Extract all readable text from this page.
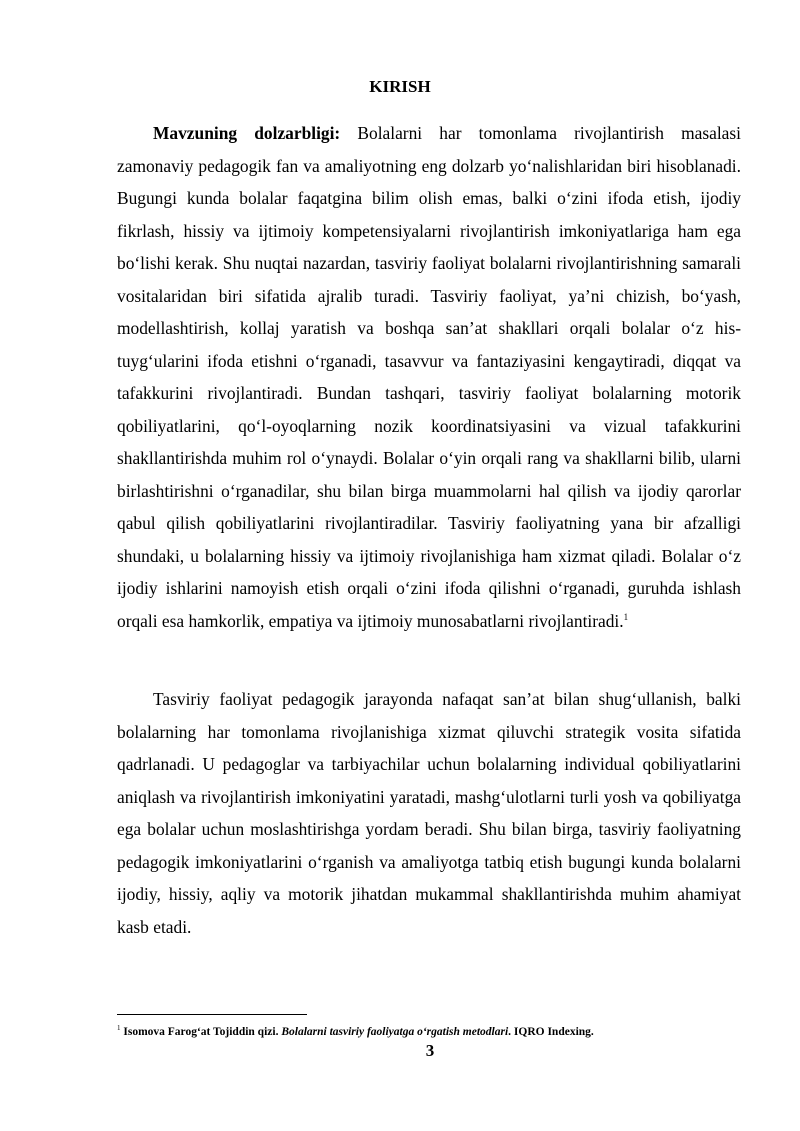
KIRISH

Mavzuning dolzarbligi: Bolalarni har tomonlama rivojlantirish masalasi zamonaviy pedagogik fan va amaliyotning eng dolzarb yo‘nalishlaridan biri hisoblanadi. Bugungi kunda bolalar faqatgina bilim olish emas, balki o‘zini ifoda etish, ijodiy fikrlash, hissiy va ijtimoiy kompetensiyalarni rivojlantirish imkoniyatlariga ham ega bo‘lishi kerak. Shu nuqtai nazardan, tasviriy faoliyat bolalarni rivojlantirishning samarali vositalaridan biri sifatida ajralib turadi. Tasviriy faoliyat, ya’ni chizish, bo‘yash, modellashtirish, kollaj yaratish va boshqa san’at shakllari orqali bolalar o‘z his-tuyg‘ularini ifoda etishni o‘rganadi, tasavvur va fantaziyasini kengaytiradi, diqqat va tafakkurini rivojlantiradi. Bundan tashqari, tasviriy faoliyat bolalarning motorik qobiliyatlarini, qo‘l-oyoqlarning nozik koordinatsiyasini va vizual tafakkurini shakllantirishda muhim rol o‘ynaydi. Bolalar o‘yin orqali rang va shakllarni bilib, ularni birlashtirishni o‘rganadilar, shu bilan birga muammolarni hal qilish va ijodiy qarorlar qabul qilish qobiliyatlarini rivojlantiradilar. Tasviriy faoliyatning yana bir afzalligi shundaki, u bolalarning hissiy va ijtimoiy rivojlanishiga ham xizmat qiladi. Bolalar o‘z ijodiy ishlarini namoyish etish orqali o‘zini ifoda qilishni o‘rganadi, guruhda ishlash orqali esa hamkorlik, empatiya va ijtimoiy munosabatlarni rivojlantiradi.$^1$

Tasviriy faoliyat pedagogik jarayonda nafaqat san’at bilan shug‘ullanish, balki bolalarning har tomonlama rivojlanishiga xizmat qiluvchi strategik vosita sifatida qadrlanadi. U pedagoglar va tarbiyachilar uchun bolalarning individual qobiliyatlarini aniqlash va rivojlantirish imkoniyatini yaratadi, mashg‘ulotlarni turli yosh va qobiliyatga ega bolalar uchun moslashtirishga yordam beradi. Shu bilan birga, tasviriy faoliyatning pedagogik imkoniyatlarini o‘rganish va amaliyotga tatbiq etish bugungi kunda bolalarni ijodiy, hissiy, aqliy va motorik jihatdan mukammal shakllantirishda muhim ahamiyat kasb etadi.

$^1$ Isomova Farog‘at Tojiddin qizi. Bolalarni tasviriy faoliyatga o‘rgatish metodlari. IQRO Indexing.
3
